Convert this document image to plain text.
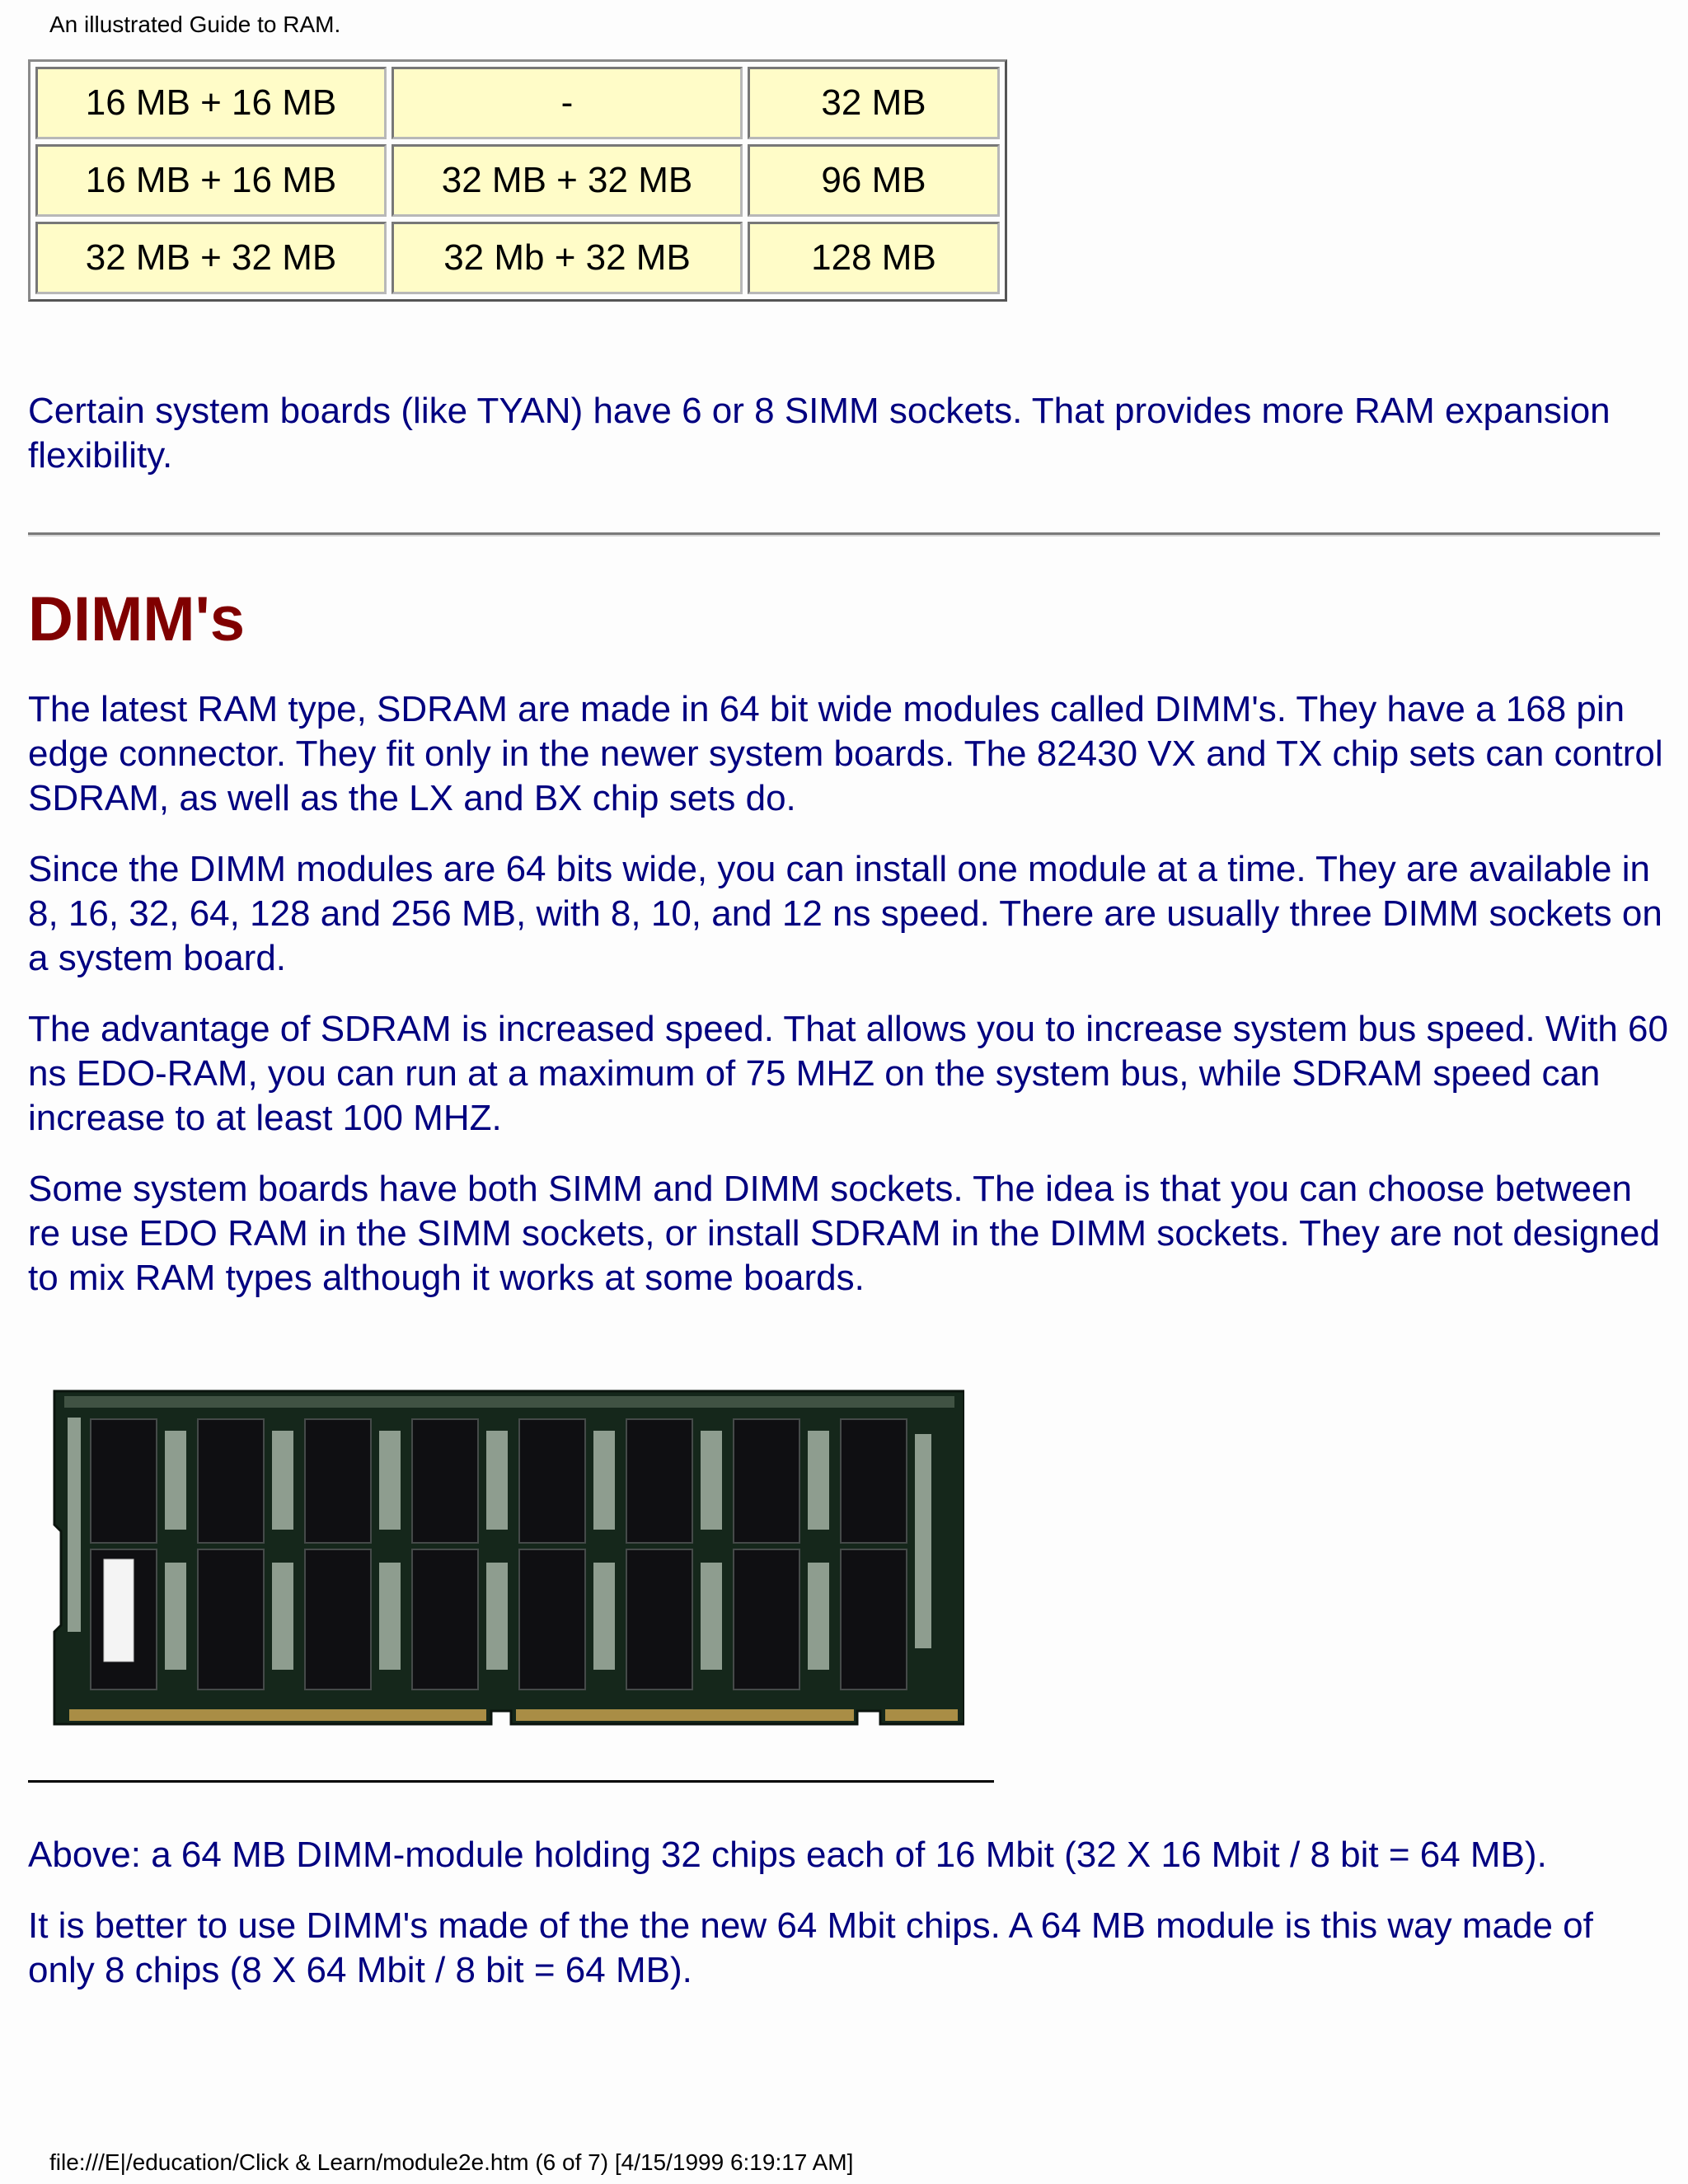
An illustrated Guide to RAM.
16 MB + 16 MB	-	32 MB
16 MB + 16 MB	32 MB + 32 MB	96 MB
32 MB + 32 MB	32 Mb + 32 MB	128 MB

Certain system boards (like TYAN) have 6 or 8 SIMM sockets. That provides more RAM expansion flexibility.

DIMM's

The latest RAM type, SDRAM are made in 64 bit wide modules called DIMM's. They have a 168 pin edge connector. They fit only in the newer system boards. The 82430 VX and TX chip sets can control SDRAM, as well as the LX and BX chip sets do.

Since the DIMM modules are 64 bits wide, you can install one module at a time. They are available in 8, 16, 32, 64, 128 and 256 MB, with 8, 10, and 12 ns speed. There are usually three DIMM sockets on a system board.

The advantage of SDRAM is increased speed. That allows you to increase system bus speed. With 60 ns EDO-RAM, you can run at a maximum of 75 MHZ on the system bus, while SDRAM speed can increase to at least 100 MHZ.

Some system boards have both SIMM and DIMM sockets. The idea is that you can choose between re use EDO RAM in the SIMM sockets, or install SDRAM in the DIMM sockets. They are not designed to mix RAM types although it works at some boards.

Above: a 64 MB DIMM-module holding 32 chips each of 16 Mbit (32 X 16 Mbit / 8 bit = 64 MB).

It is better to use DIMM's made of the the new 64 Mbit chips. A 64 MB module is this way made of only 8 chips (8 X 64 Mbit / 8 bit = 64 MB).

file:///E|/education/Click & Learn/module2e.htm (6 of 7) [4/15/1999 6:19:17 AM]
